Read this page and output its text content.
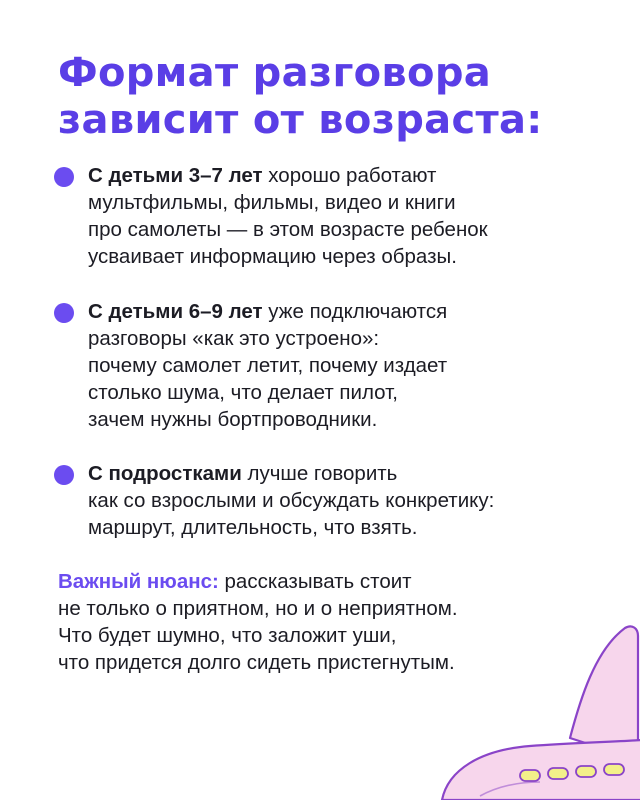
Формат разговора
зависит от возраста:
С детьми 3–7 лет хорошо работают
мультфильмы, фильмы, видео и книги
про самолеты — в этом возрасте ребенок
усваивает информацию через образы.
С детьми 6–9 лет уже подключаются
разговоры «как это устроено»:
почему самолет летит, почему издает
столько шума, что делает пилот,
зачем нужны бортпроводники.
С подростками лучше говорить
как со взрослыми и обсуждать конкретику:
маршрут, длительность, что взять.
Важный нюанс: рассказывать стоит
не только о приятном, но и о неприятном.
Что будет шумно, что заложит уши,
что придется долго сидеть пристегнутым.
